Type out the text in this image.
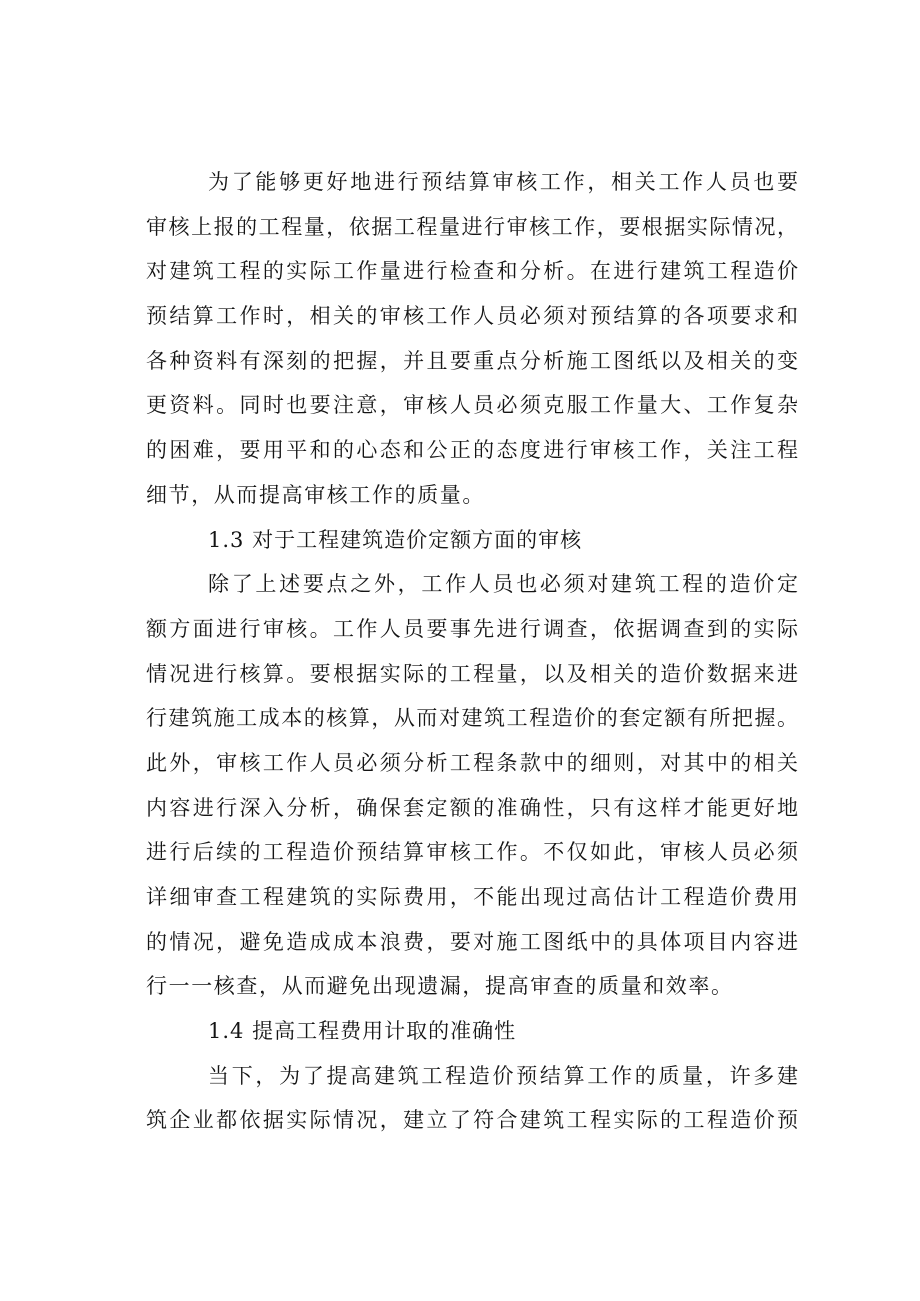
为了能够更好地进行预结算审核工作，相关工作人员也要
审核上报的工程量，依据工程量进行审核工作，要根据实际情况，
对建筑工程的实际工作量进行检查和分析。在进行建筑工程造价
预结算工作时，相关的审核工作人员必须对预结算的各项要求和
各种资料有深刻的把握，并且要重点分析施工图纸以及相关的变
更资料。同时也要注意，审核人员必须克服工作量大、工作复杂
的困难，要用平和的心态和公正的态度进行审核工作，关注工程
细节，从而提高审核工作的质量。
1.3 对于工程建筑造价定额方面的审核
除了上述要点之外，工作人员也必须对建筑工程的造价定
额方面进行审核。工作人员要事先进行调查，依据调查到的实际
情况进行核算。要根据实际的工程量，以及相关的造价数据来进
行建筑施工成本的核算，从而对建筑工程造价的套定额有所把握。
此外，审核工作人员必须分析工程条款中的细则，对其中的相关
内容进行深入分析，确保套定额的准确性，只有这样才能更好地
进行后续的工程造价预结算审核工作。不仅如此，审核人员必须
详细审查工程建筑的实际费用，不能出现过高估计工程造价费用
的情况，避免造成成本浪费，要对施工图纸中的具体项目内容进
行一一核查，从而避免出现遗漏，提高审查的质量和效率。
1.4 提高工程费用计取的准确性
当下，为了提高建筑工程造价预结算工作的质量，许多建
筑企业都依据实际情况，建立了符合建筑工程实际的工程造价预
